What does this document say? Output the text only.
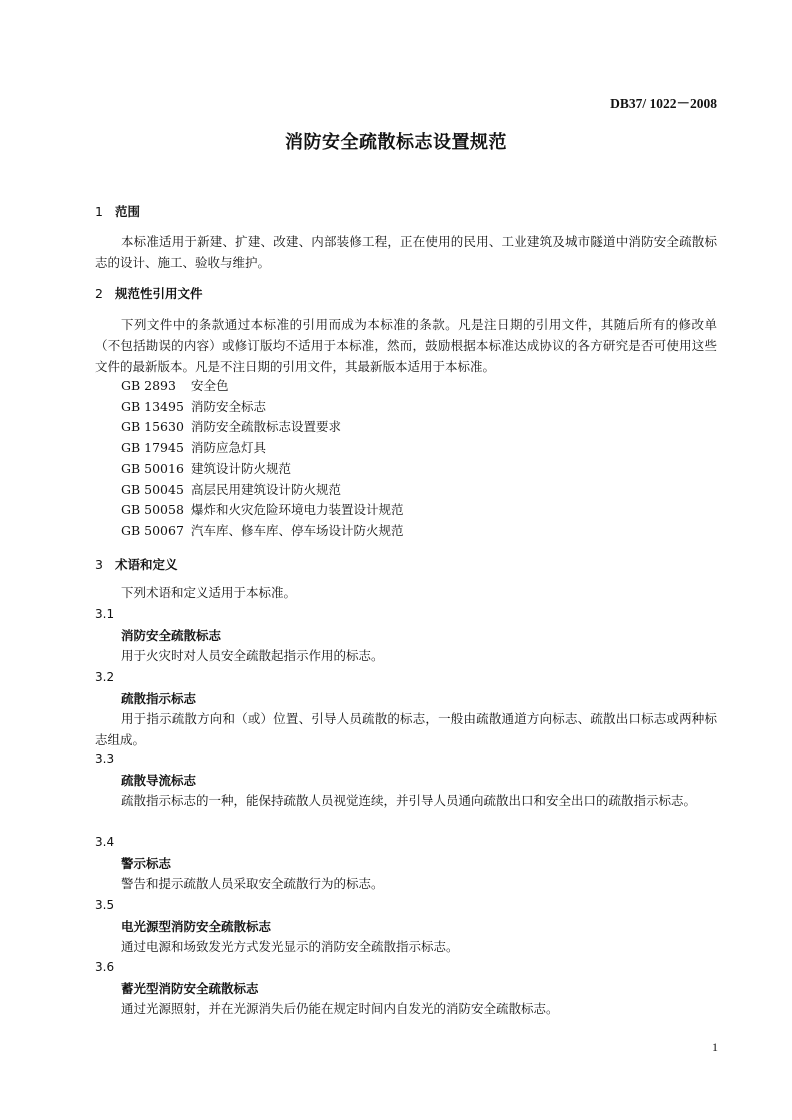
DB37/ 1022－2008
消防安全疏散标志设置规范
1 范围
本标准适用于新建、扩建、改建、内部装修工程，正在使用的民用、工业建筑及城市隧道中消防安全疏散标志的设计、施工、验收与维护。
2 规范性引用文件
下列文件中的条款通过本标准的引用而成为本标准的条款。凡是注日期的引用文件，其随后所有的修改单（不包括勘误的内容）或修订版均不适用于本标准，然而，鼓励根据本标准达成协议的各方研究是否可使用这些文件的最新版本。凡是不注日期的引用文件，其最新版本适用于本标准。
GB 2893 安全色
GB 13495 消防安全标志
GB 15630 消防安全疏散标志设置要求
GB 17945 消防应急灯具
GB 50016 建筑设计防火规范
GB 50045 高层民用建筑设计防火规范
GB 50058 爆炸和火灾危险环境电力装置设计规范
GB 50067 汽车库、修车库、停车场设计防火规范
3 术语和定义
下列术语和定义适用于本标准。
3.1
消防安全疏散标志
用于火灾时对人员安全疏散起指示作用的标志。
3.2
疏散指示标志
用于指示疏散方向和（或）位置、引导人员疏散的标志，一般由疏散通道方向标志、疏散出口标志或两种标志组成。
3.3
疏散导流标志
疏散指示标志的一种，能保持疏散人员视觉连续，并引导人员通向疏散出口和安全出口的疏散指示标志。
3.4
警示标志
警告和提示疏散人员采取安全疏散行为的标志。
3.5
电光源型消防安全疏散标志
通过电源和场致发光方式发光显示的消防安全疏散指示标志。
3.6
蓄光型消防安全疏散标志
通过光源照射，并在光源消失后仍能在规定时间内自发光的消防安全疏散标志。
1
